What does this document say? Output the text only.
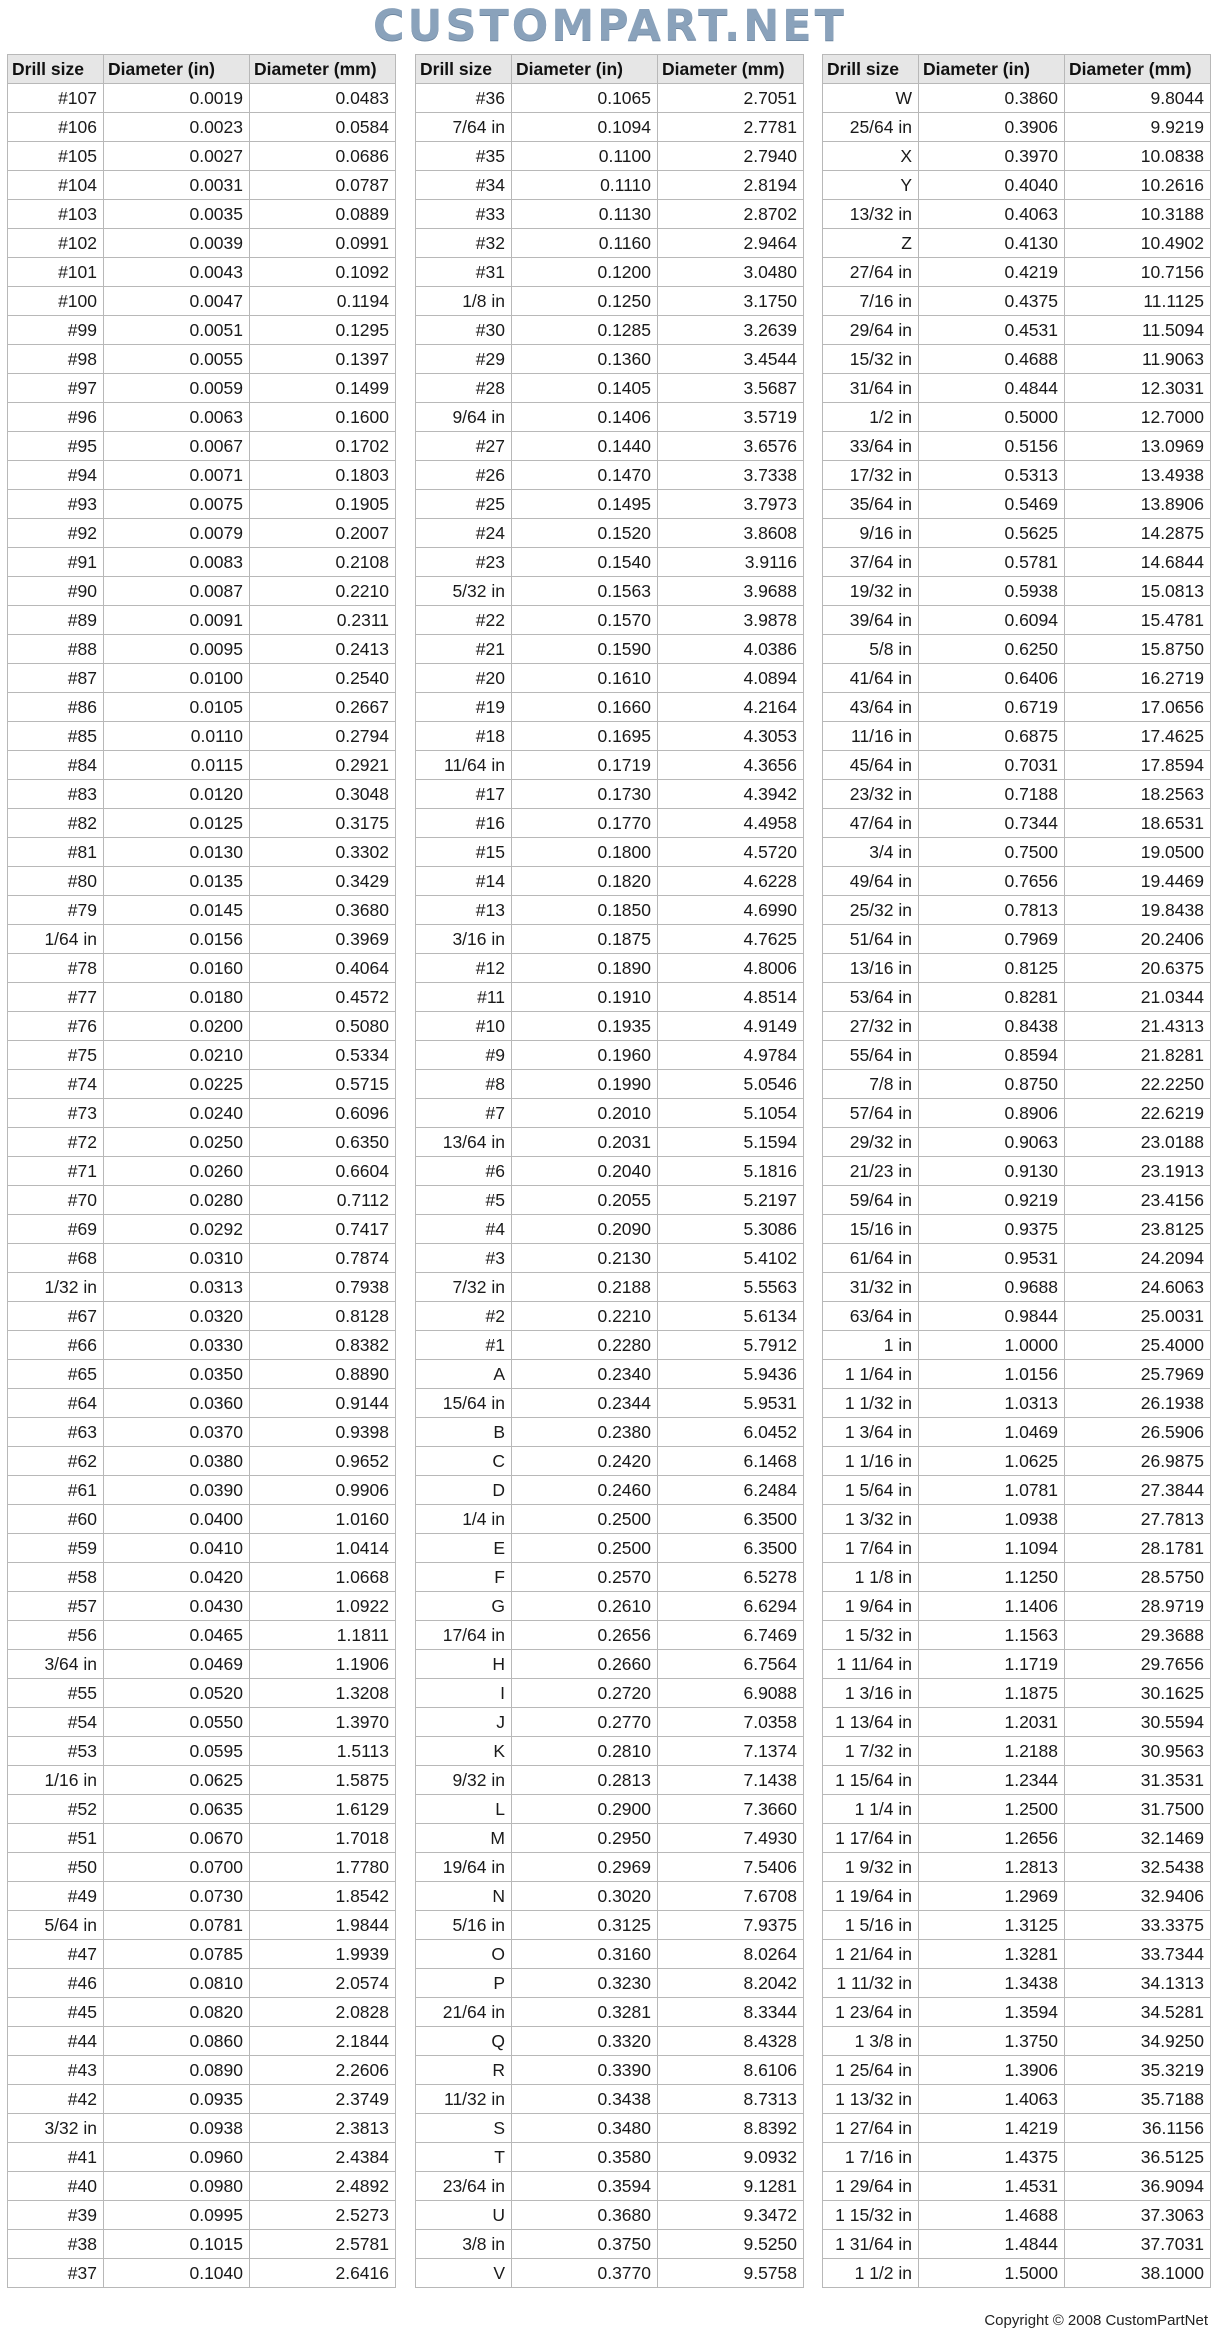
CUSTOMPART.NET
Drill size	Diameter (in)	Diameter (mm)
#107	0.0019	0.0483
#106	0.0023	0.0584
#105	0.0027	0.0686
#104	0.0031	0.0787
#103	0.0035	0.0889
#102	0.0039	0.0991
#101	0.0043	0.1092
#100	0.0047	0.1194
#99	0.0051	0.1295
#98	0.0055	0.1397
#97	0.0059	0.1499
#96	0.0063	0.1600
#95	0.0067	0.1702
#94	0.0071	0.1803
#93	0.0075	0.1905
#92	0.0079	0.2007
#91	0.0083	0.2108
#90	0.0087	0.2210
#89	0.0091	0.2311
#88	0.0095	0.2413
#87	0.0100	0.2540
#86	0.0105	0.2667
#85	0.0110	0.2794
#84	0.0115	0.2921
#83	0.0120	0.3048
#82	0.0125	0.3175
#81	0.0130	0.3302
#80	0.0135	0.3429
#79	0.0145	0.3680
1/64 in	0.0156	0.3969
#78	0.0160	0.4064
#77	0.0180	0.4572
#76	0.0200	0.5080
#75	0.0210	0.5334
#74	0.0225	0.5715
#73	0.0240	0.6096
#72	0.0250	0.6350
#71	0.0260	0.6604
#70	0.0280	0.7112
#69	0.0292	0.7417
#68	0.0310	0.7874
1/32 in	0.0313	0.7938
#67	0.0320	0.8128
#66	0.0330	0.8382
#65	0.0350	0.8890
#64	0.0360	0.9144
#63	0.0370	0.9398
#62	0.0380	0.9652
#61	0.0390	0.9906
#60	0.0400	1.0160
#59	0.0410	1.0414
#58	0.0420	1.0668
#57	0.0430	1.0922
#56	0.0465	1.1811
3/64 in	0.0469	1.1906
#55	0.0520	1.3208
#54	0.0550	1.3970
#53	0.0595	1.5113
1/16 in	0.0625	1.5875
#52	0.0635	1.6129
#51	0.0670	1.7018
#50	0.0700	1.7780
#49	0.0730	1.8542
5/64 in	0.0781	1.9844
#47	0.0785	1.9939
#46	0.0810	2.0574
#45	0.0820	2.0828
#44	0.0860	2.1844
#43	0.0890	2.2606
#42	0.0935	2.3749
3/32 in	0.0938	2.3813
#41	0.0960	2.4384
#40	0.0980	2.4892
#39	0.0995	2.5273
#38	0.1015	2.5781
#37	0.1040	2.6416
Drill size	Diameter (in)	Diameter (mm)
#36	0.1065	2.7051
7/64 in	0.1094	2.7781
#35	0.1100	2.7940
#34	0.1110	2.8194
#33	0.1130	2.8702
#32	0.1160	2.9464
#31	0.1200	3.0480
1/8 in	0.1250	3.1750
#30	0.1285	3.2639
#29	0.1360	3.4544
#28	0.1405	3.5687
9/64 in	0.1406	3.5719
#27	0.1440	3.6576
#26	0.1470	3.7338
#25	0.1495	3.7973
#24	0.1520	3.8608
#23	0.1540	3.9116
5/32 in	0.1563	3.9688
#22	0.1570	3.9878
#21	0.1590	4.0386
#20	0.1610	4.0894
#19	0.1660	4.2164
#18	0.1695	4.3053
11/64 in	0.1719	4.3656
#17	0.1730	4.3942
#16	0.1770	4.4958
#15	0.1800	4.5720
#14	0.1820	4.6228
#13	0.1850	4.6990
3/16 in	0.1875	4.7625
#12	0.1890	4.8006
#11	0.1910	4.8514
#10	0.1935	4.9149
#9	0.1960	4.9784
#8	0.1990	5.0546
#7	0.2010	5.1054
13/64 in	0.2031	5.1594
#6	0.2040	5.1816
#5	0.2055	5.2197
#4	0.2090	5.3086
#3	0.2130	5.4102
7/32 in	0.2188	5.5563
#2	0.2210	5.6134
#1	0.2280	5.7912
A	0.2340	5.9436
15/64 in	0.2344	5.9531
B	0.2380	6.0452
C	0.2420	6.1468
D	0.2460	6.2484
1/4 in	0.2500	6.3500
E	0.2500	6.3500
F	0.2570	6.5278
G	0.2610	6.6294
17/64 in	0.2656	6.7469
H	0.2660	6.7564
I	0.2720	6.9088
J	0.2770	7.0358
K	0.2810	7.1374
9/32 in	0.2813	7.1438
L	0.2900	7.3660
M	0.2950	7.4930
19/64 in	0.2969	7.5406
N	0.3020	7.6708
5/16 in	0.3125	7.9375
O	0.3160	8.0264
P	0.3230	8.2042
21/64 in	0.3281	8.3344
Q	0.3320	8.4328
R	0.3390	8.6106
11/32 in	0.3438	8.7313
S	0.3480	8.8392
T	0.3580	9.0932
23/64 in	0.3594	9.1281
U	0.3680	9.3472
3/8 in	0.3750	9.5250
V	0.3770	9.5758
Drill size	Diameter (in)	Diameter (mm)
W	0.3860	9.8044
25/64 in	0.3906	9.9219
X	0.3970	10.0838
Y	0.4040	10.2616
13/32 in	0.4063	10.3188
Z	0.4130	10.4902
27/64 in	0.4219	10.7156
7/16 in	0.4375	11.1125
29/64 in	0.4531	11.5094
15/32 in	0.4688	11.9063
31/64 in	0.4844	12.3031
1/2 in	0.5000	12.7000
33/64 in	0.5156	13.0969
17/32 in	0.5313	13.4938
35/64 in	0.5469	13.8906
9/16 in	0.5625	14.2875
37/64 in	0.5781	14.6844
19/32 in	0.5938	15.0813
39/64 in	0.6094	15.4781
5/8 in	0.6250	15.8750
41/64 in	0.6406	16.2719
43/64 in	0.6719	17.0656
11/16 in	0.6875	17.4625
45/64 in	0.7031	17.8594
23/32 in	0.7188	18.2563
47/64 in	0.7344	18.6531
3/4 in	0.7500	19.0500
49/64 in	0.7656	19.4469
25/32 in	0.7813	19.8438
51/64 in	0.7969	20.2406
13/16 in	0.8125	20.6375
53/64 in	0.8281	21.0344
27/32 in	0.8438	21.4313
55/64 in	0.8594	21.8281
7/8 in	0.8750	22.2250
57/64 in	0.8906	22.6219
29/32 in	0.9063	23.0188
21/23 in	0.9130	23.1913
59/64 in	0.9219	23.4156
15/16 in	0.9375	23.8125
61/64 in	0.9531	24.2094
31/32 in	0.9688	24.6063
63/64 in	0.9844	25.0031
1 in	1.0000	25.4000
1 1/64 in	1.0156	25.7969
1 1/32 in	1.0313	26.1938
1 3/64 in	1.0469	26.5906
1 1/16 in	1.0625	26.9875
1 5/64 in	1.0781	27.3844
1 3/32 in	1.0938	27.7813
1 7/64 in	1.1094	28.1781
1 1/8 in	1.1250	28.5750
1 9/64 in	1.1406	28.9719
1 5/32 in	1.1563	29.3688
1 11/64 in	1.1719	29.7656
1 3/16 in	1.1875	30.1625
1 13/64 in	1.2031	30.5594
1 7/32 in	1.2188	30.9563
1 15/64 in	1.2344	31.3531
1 1/4 in	1.2500	31.7500
1 17/64 in	1.2656	32.1469
1 9/32 in	1.2813	32.5438
1 19/64 in	1.2969	32.9406
1 5/16 in	1.3125	33.3375
1 21/64 in	1.3281	33.7344
1 11/32 in	1.3438	34.1313
1 23/64 in	1.3594	34.5281
1 3/8 in	1.3750	34.9250
1 25/64 in	1.3906	35.3219
1 13/32 in	1.4063	35.7188
1 27/64 in	1.4219	36.1156
1 7/16 in	1.4375	36.5125
1 29/64 in	1.4531	36.9094
1 15/32 in	1.4688	37.3063
1 31/64 in	1.4844	37.7031
1 1/2 in	1.5000	38.1000
Copyright © 2008 CustomPartNet
